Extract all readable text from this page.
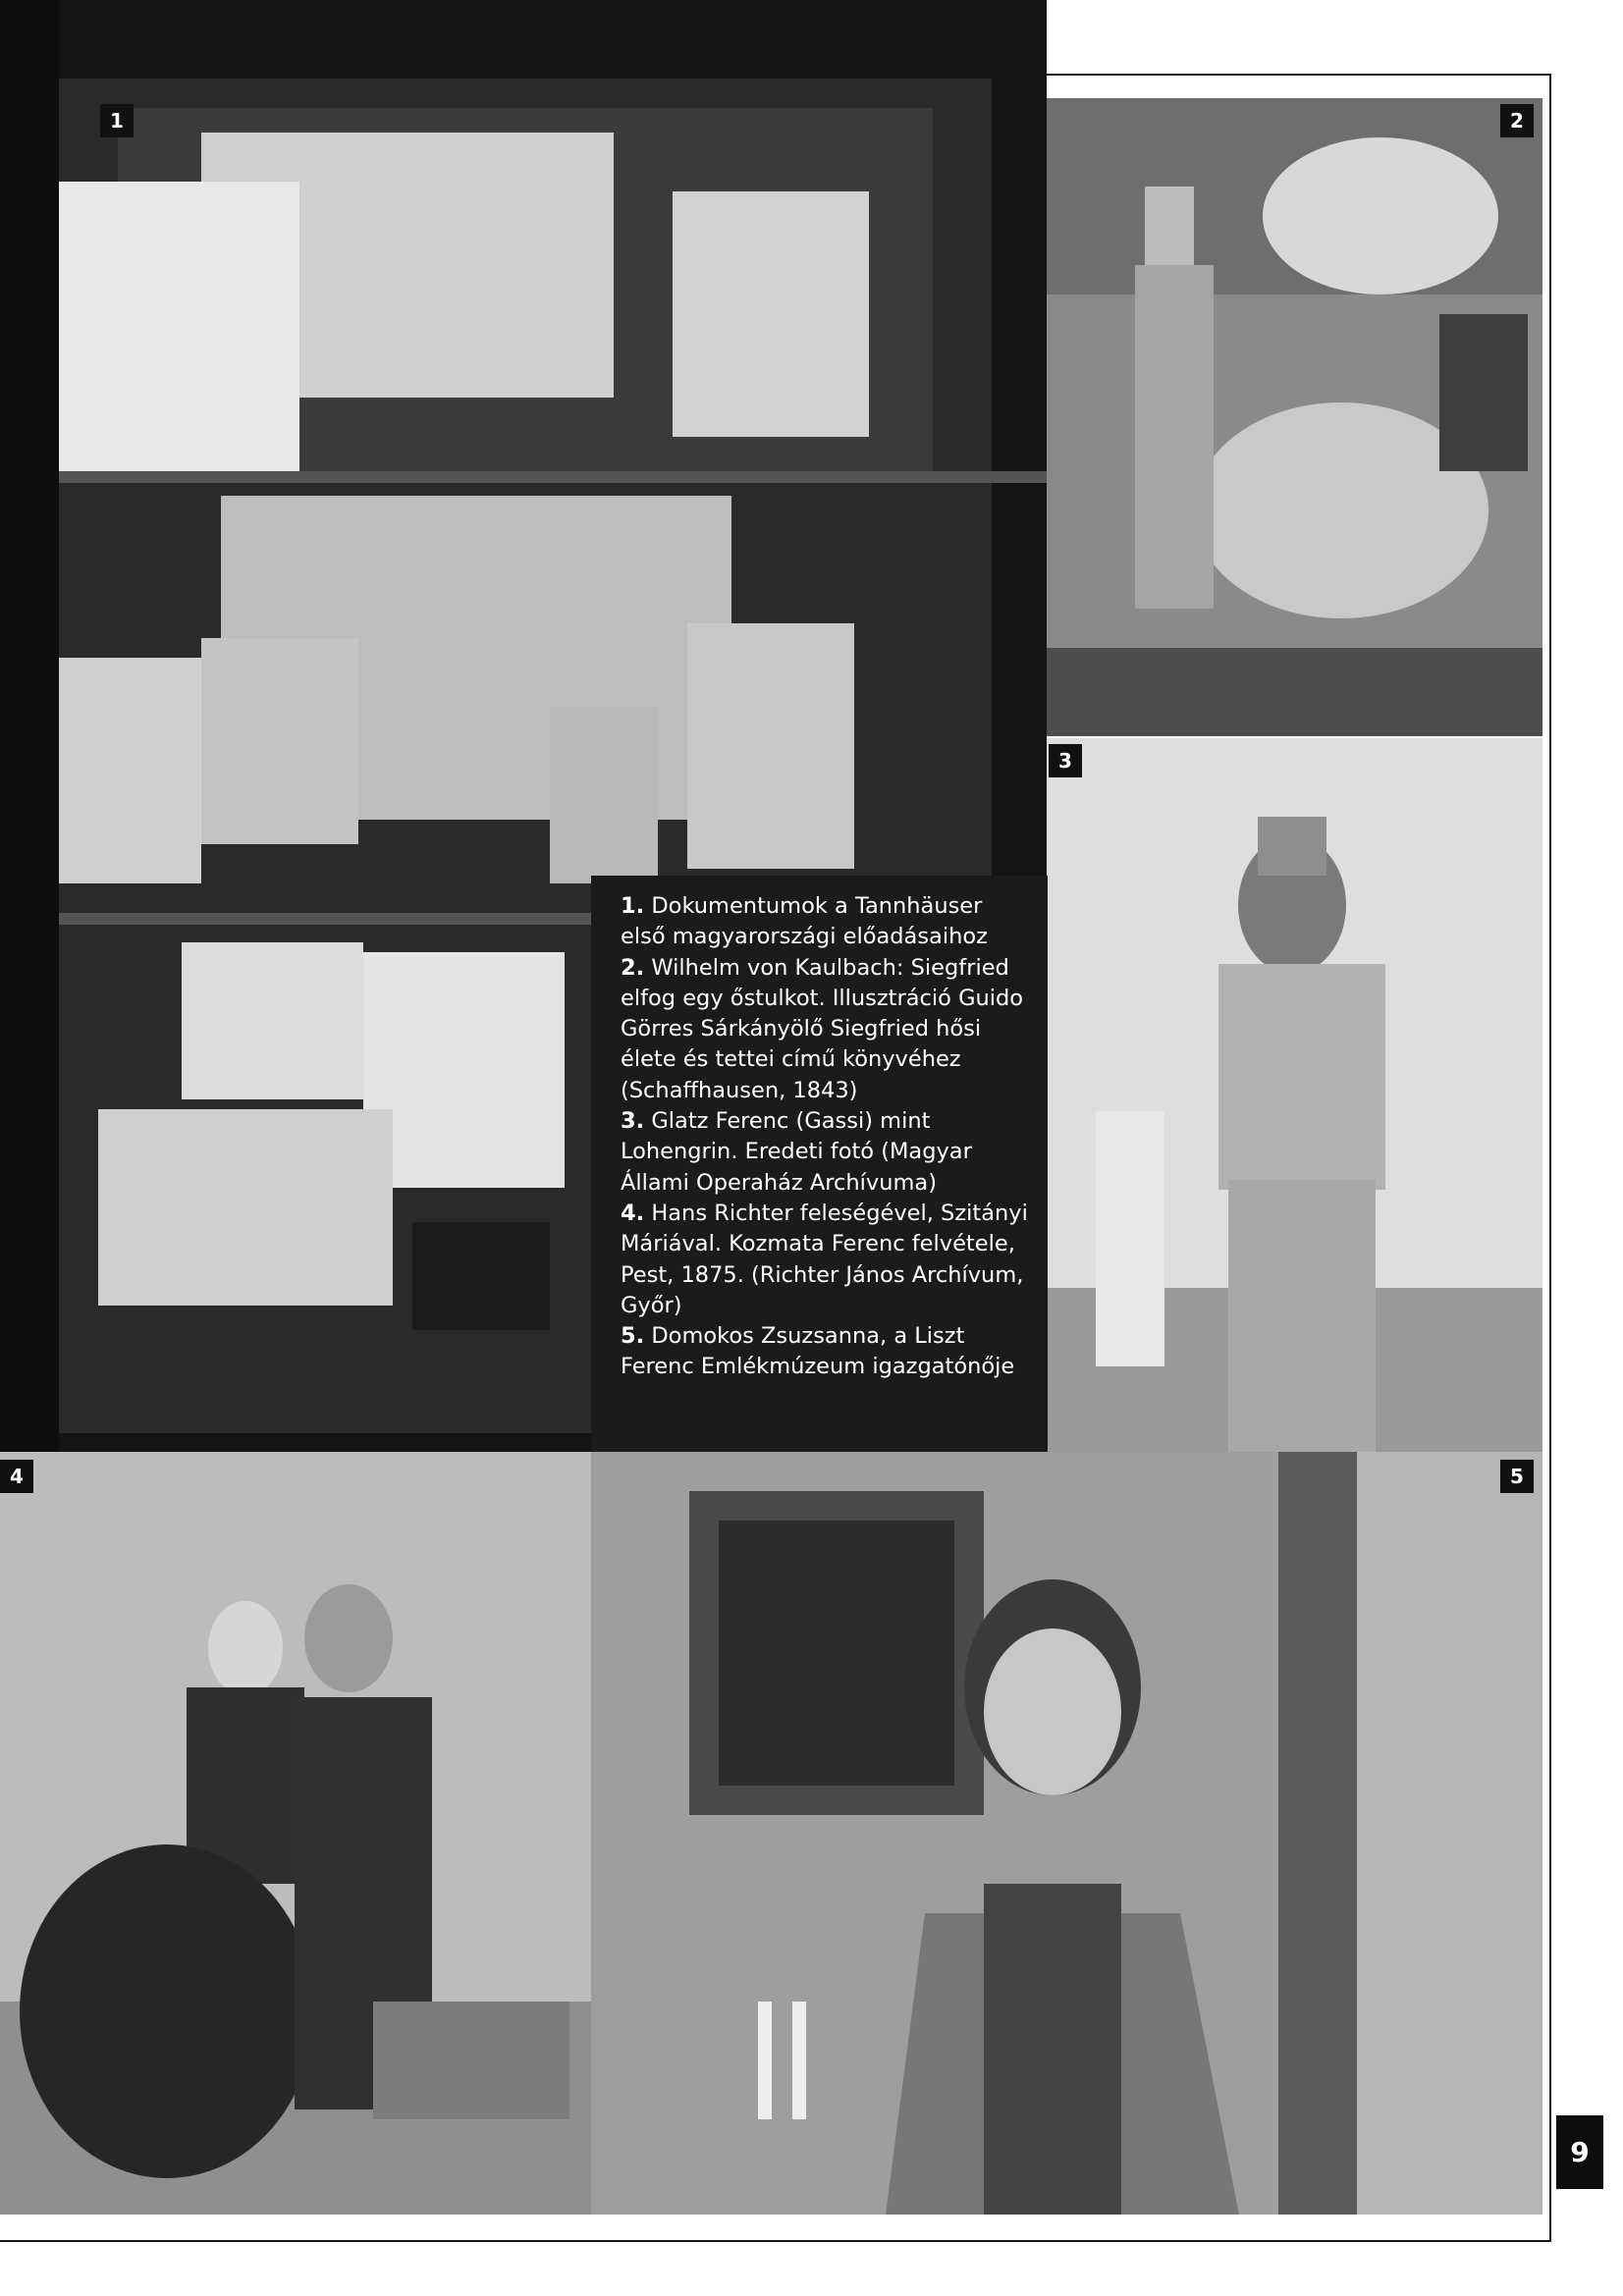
1	2
3

1. Dokumentumok a Tannhäuser első magyarországi előadásaihoz

2. Wilhelm von Kaulbach: Siegfried elfog egy őstulkot. Illusztráció Guido Görres Sárkányölő Siegfried hősi élete és tettei című könyvéhez (Schaffhausen, 1843)

3. Glatz Ferenc (Gassi) mint Lohengrin. Eredeti fotó (Magyar Állami Operaház Archívuma)

4. Hans Richter feleségével, Szitányi Máriával. Kozmata Ferenc felvétele, Pest, 1875. (Richter János Archívum, Győr)

5. Domokos Zsuzsanna, a Liszt Ferenc Emlékmúzeum igazgatónője

4	5
9
